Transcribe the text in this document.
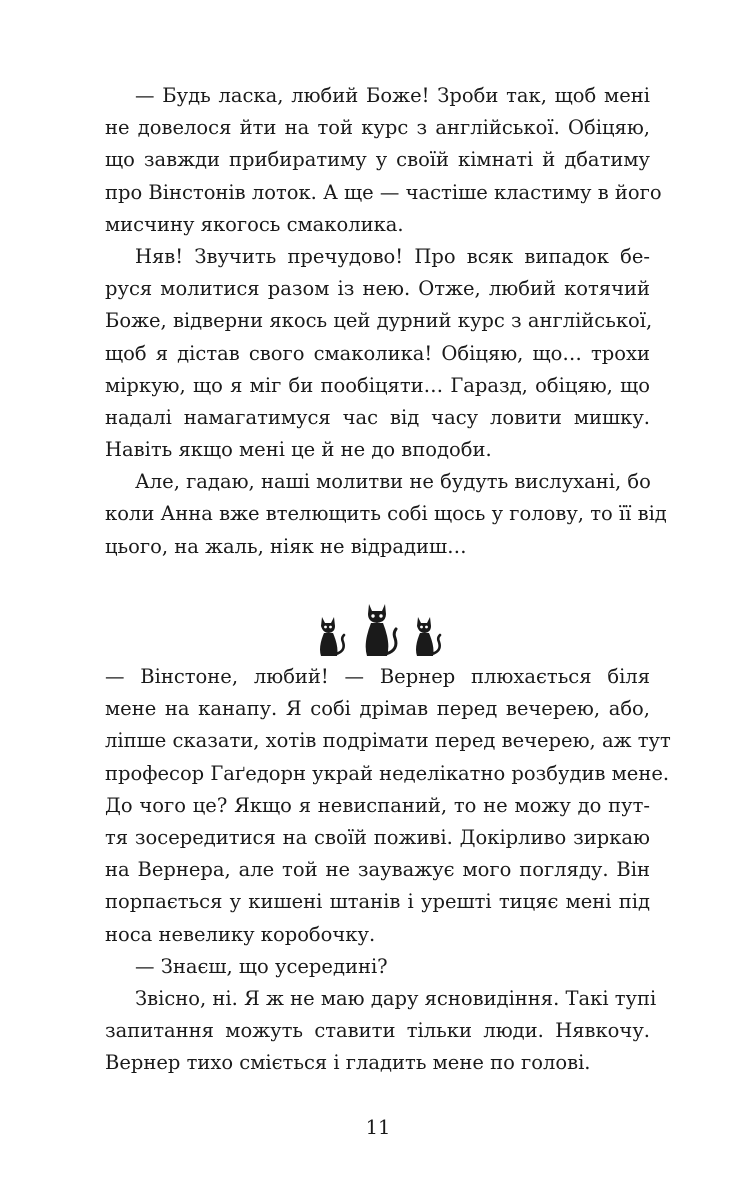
— Будь ласка, любий Боже! Зроби так, щоб мені
не довелося йти на той курс з англійської. Обіцяю,
що завжди прибиратиму у своїй кімнаті й дбатиму
про Вінстонів лоток. А ще — частіше кластиму в його
мисчину якогось смаколика.
Няв! Звучить пречудово! Про всяк випадок бе-
руся молитися разом із нею. Отже, любий котячий
Боже, відверни якось цей дурний курс з англійської,
щоб я дістав свого смаколика! Обіцяю, що… трохи
міркую, що я міг би пообіцяти… Гаразд, обіцяю, що
надалі намагатимуся час від часу ловити мишку.
Навіть якщо мені це й не до вподоби.
Але, гадаю, наші молитви не будуть вислухані, бо
коли Анна вже втелющить собі щось у голову, то її від
цього, на жаль, ніяк не відрадиш…
— Вінстоне, любий! — Вернер плюхається біля
мене на канапу. Я собі дрімав перед вечерею, або,
ліпше сказати, хотів подрімати перед вечерею, аж тут
професор Гаґедорн украй неделікатно розбудив мене.
До чого це? Якщо я невиспаний, то не можу до пут-
тя зосередитися на своїй поживі. Докірливо зиркаю
на Вернера, але той не зауважує мого погляду. Він
порпається у кишені штанів і урешті тицяє мені під
носа невелику коробочку.
— Знаєш, що усередині?
Звісно, ні. Я ж не маю дару ясновидіння. Такі тупі
запитання можуть ставити тільки люди. Нявкочу.
Вернер тихо сміється і гладить мене по голові.
11
